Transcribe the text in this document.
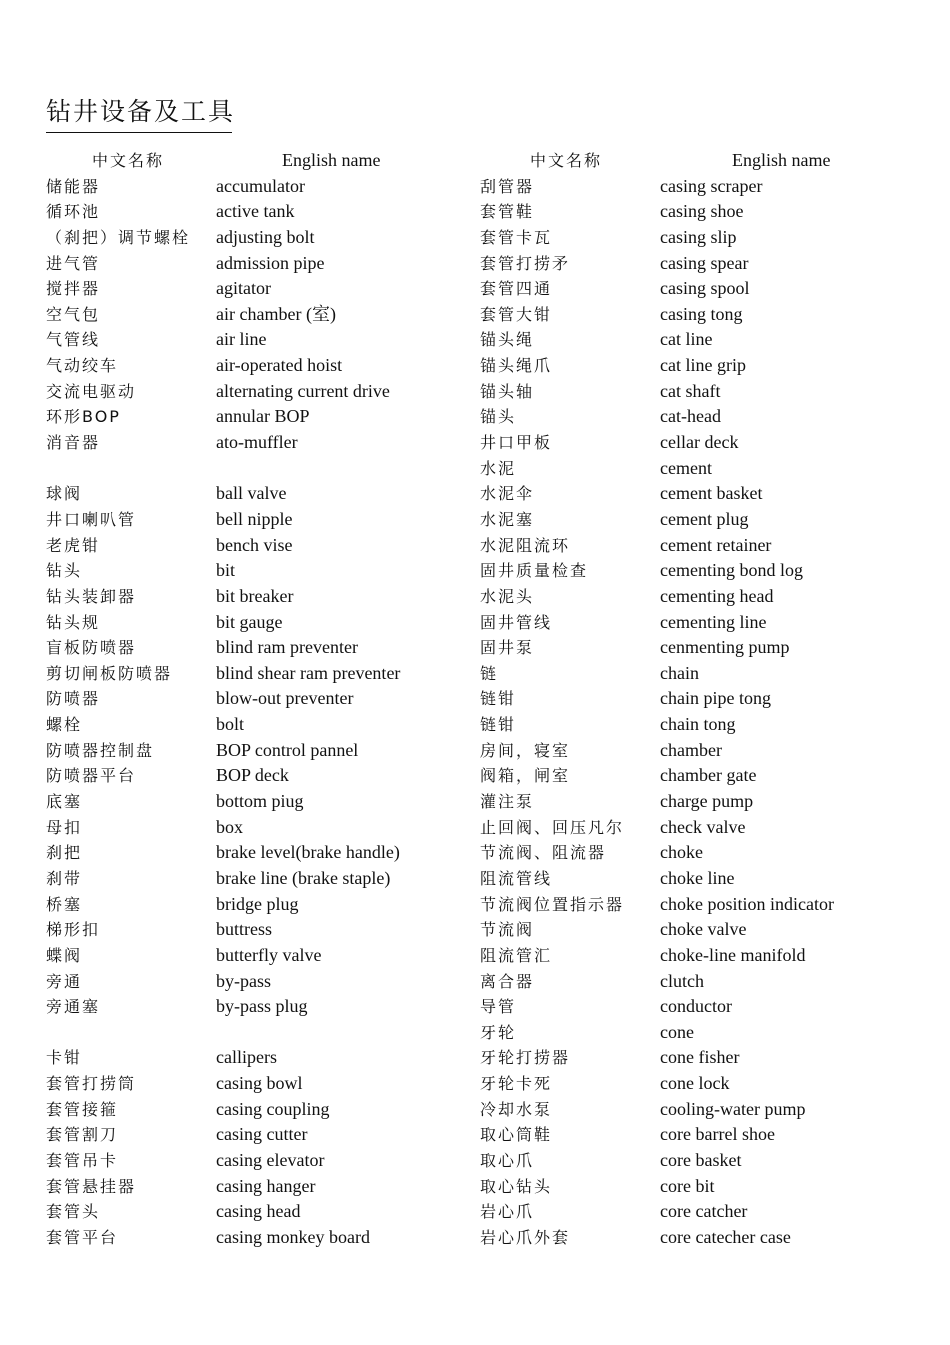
钻井设备及工具
中文名称	English name
储能器	accumulator
循环池	active tank
（刹把）调节螺栓 adjusting bolt
进气管	admission pipe
搅拌器	agitator
空气包	air chamber (室)
气管线	air line
气动绞车	air-operated hoist
交流电驱动	alternating current drive
环形BOP	annular BOP
消音器	ato-muffler
球阀	ball valve
井口喇叭管	bell nipple
老虎钳	bench vise
钻头	bit
钻头装卸器	bit breaker
钻头规	bit gauge
盲板防喷器	blind ram preventer
剪切闸板防喷器 blind shear ram preventer
防喷器	blow-out preventer
螺栓	bolt
防喷器控制盘	BOP control pannel
防喷器平台	BOP deck
底塞	bottom piug
母扣	box
刹把	brake level(brake handle)
刹带	brake line (brake staple)
桥塞	bridge plug
梯形扣	buttress
蝶阀	butterfly valve
旁通	by-pass
旁通塞	by-pass plug
卡钳	callipers
套管打捞筒	casing bowl
套管接箍	casing coupling
套管割刀	casing cutter
套管吊卡	casing elevator
套管悬挂器	casing hanger
套管头	casing head
套管平台	casing monkey board
中文名称	English name
刮管器	casing scraper
套管鞋	casing shoe
套管卡瓦	casing slip
套管打捞矛	casing spear
套管四通	casing spool
套管大钳	casing tong
锚头绳	cat line
锚头绳爪	cat line grip
锚头轴	cat shaft
锚头	cat-head
井口甲板	cellar deck
水泥	cement
水泥伞	cement basket
水泥塞	cement plug
水泥阻流环	cement retainer
固井质量检查	cementing bond log
水泥头	cementing head
固井管线	cementing line
固井泵	cenmenting pump
链	chain
链钳	chain pipe tong
链钳	chain tong
房间，寝室	chamber
阀箱，闸室	chamber gate
灌注泵	charge pump
止回阀、回压凡尔 check valve
节流阀、阻流器	choke
阻流管线	choke line
节流阀位置指示器 choke position indicator
节流阀	choke valve
阻流管汇	choke-line manifold
离合器	clutch
导管	conductor
牙轮	cone
牙轮打捞器	cone fisher
牙轮卡死	cone lock
冷却水泵	cooling-water pump
取心筒鞋	core barrel shoe
取心爪	core basket
取心钻头	core bit
岩心爪	core catcher
岩心爪外套	core catecher case
